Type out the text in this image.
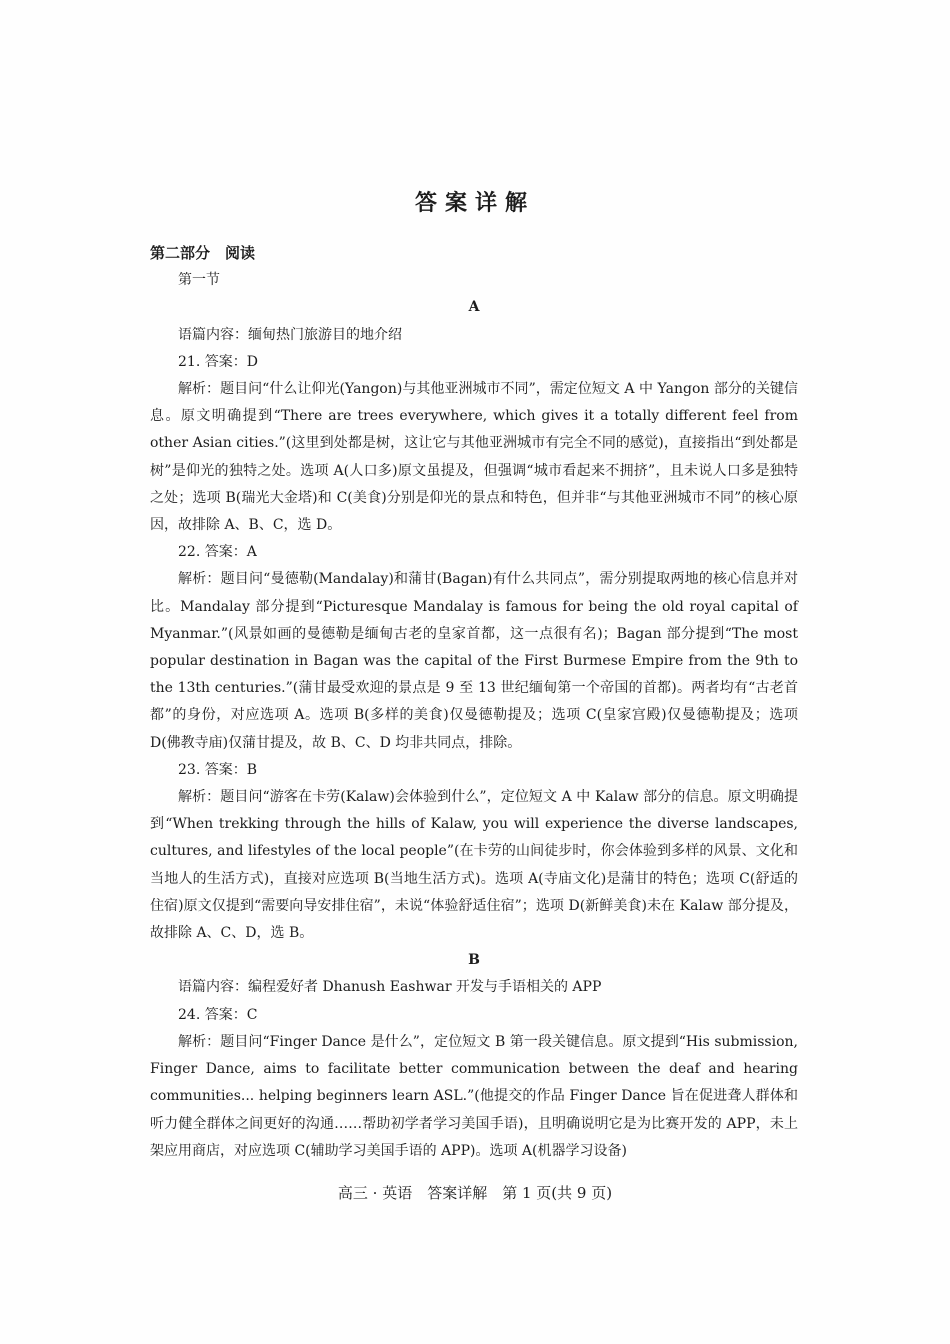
答案详解

第二部分　阅读

第一节

A

语篇内容：缅甸热门旅游目的地介绍

21. 答案：D

解析：题目问“什么让仰光(Yangon)与其他亚洲城市不同”，需定位短文 A 中 Yangon 部分的关键信息。原文明确提到“There are trees everywhere, which gives it a totally different feel from other Asian cities.”(这里到处都是树，这让它与其他亚洲城市有完全不同的感觉)，直接指出“到处都是树”是仰光的独特之处。选项 A(人口多)原文虽提及，但强调“城市看起来不拥挤”，且未说人口多是独特之处；选项 B(瑞光大金塔)和 C(美食)分别是仰光的景点和特色，但并非“与其他亚洲城市不同”的核心原因，故排除 A、B、C，选 D。

22. 答案：A

解析：题目问“曼德勒(Mandalay)和蒲甘(Bagan)有什么共同点”，需分别提取两地的核心信息并对比。Mandalay 部分提到“Picturesque Mandalay is famous for being the old royal capital of Myanmar.”(风景如画的曼德勒是缅甸古老的皇家首都，这一点很有名)；Bagan 部分提到“The most popular destination in Bagan was the capital of the First Burmese Empire from the 9th to the 13th centuries.”(蒲甘最受欢迎的景点是 9 至 13 世纪缅甸第一个帝国的首都)。两者均有“古老首都”的身份，对应选项 A。选项 B(多样的美食)仅曼德勒提及；选项 C(皇家宫殿)仅曼德勒提及；选项 D(佛教寺庙)仅蒲甘提及，故 B、C、D 均非共同点，排除。

23. 答案：B

解析：题目问“游客在卡劳(Kalaw)会体验到什么”，定位短文 A 中 Kalaw 部分的信息。原文明确提到“When trekking through the hills of Kalaw, you will experience the diverse landscapes, cultures, and lifestyles of the local people”(在卡劳的山间徒步时，你会体验到多样的风景、文化和当地人的生活方式)，直接对应选项 B(当地生活方式)。选项 A(寺庙文化)是蒲甘的特色；选项 C(舒适的住宿)原文仅提到“需要向导安排住宿”，未说“体验舒适住宿”；选项 D(新鲜美食)未在 Kalaw 部分提及，故排除 A、C、D，选 B。

B

语篇内容：编程爱好者 Dhanush Eashwar 开发与手语相关的 APP

24. 答案：C

解析：题目问“Finger Dance 是什么”，定位短文 B 第一段关键信息。原文提到“His submission, Finger Dance, aims to facilitate better communication between the deaf and hearing communities... helping beginners learn ASL.”(他提交的作品 Finger Dance 旨在促进聋人群体和听力健全群体之间更好的沟通……帮助初学者学习美国手语)，且明确说明它是为比赛开发的 APP，未上架应用商店，对应选项 C(辅助学习美国手语的 APP)。选项 A(机器学习设备)

高三 · 英语　答案详解　第 1 页(共 9 页)
